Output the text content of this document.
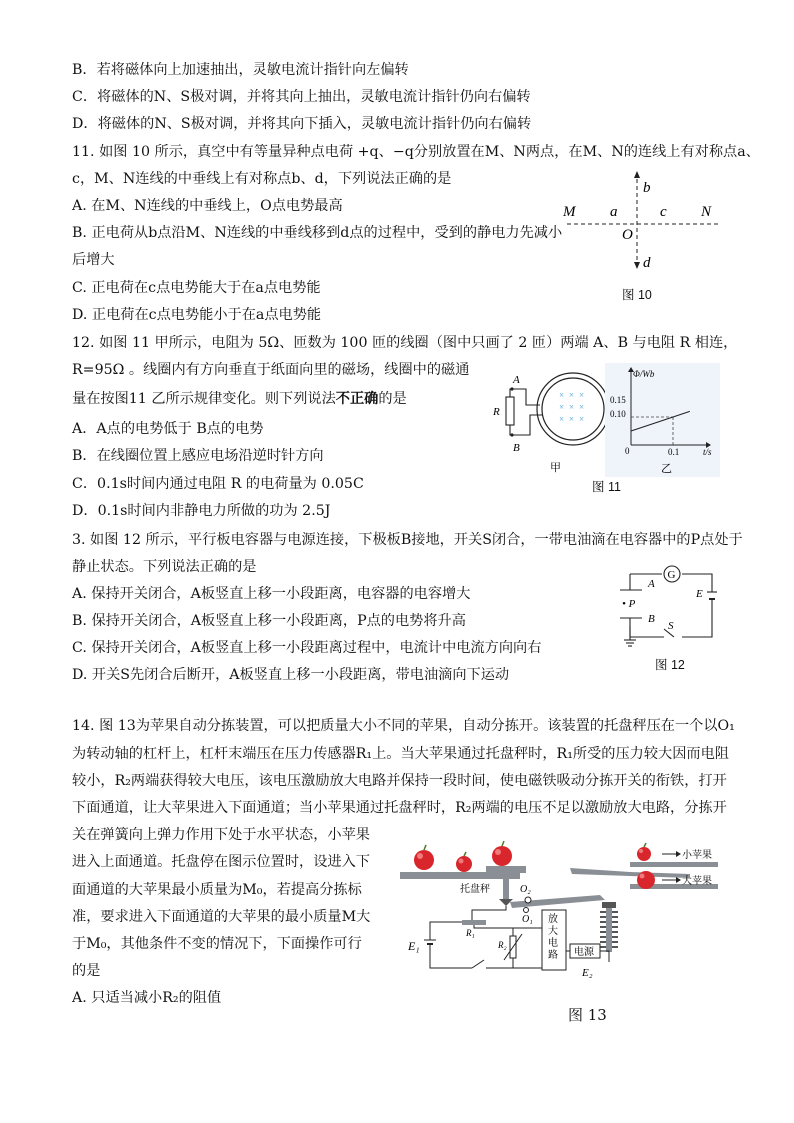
B．若将磁体向上加速抽出，灵敏电流计指针向左偏转
C．将磁体的N、S极对调，并将其向上抽出，灵敏电流计指针仍向右偏转
D．将磁体的N、S极对调，并将其向下插入，灵敏电流计指针仍向右偏转
11. 如图 10 所示，真空中有等量异种点电荷 +q、−q分别放置在M、N两点，在M、N的连线上有对称点a、
c，M、N连线的中垂线上有对称点b、d，下列说法正确的是
A. 在M、N连线的中垂线上，O点电势最高
B. 正电荷从b点沿M、N连线的中垂线移到d点的过程中，受到的静电力先减小
后增大
C. 正电荷在c点电势能大于在a点电势能
D. 正电荷在c点电势能小于在a点电势能
M a	c N
b
O
d
图 10
12. 如图 11 甲所示，电阻为 5Ω、匝数为 100 匝的线圈（图中只画了 2 匝）两端 A、B 与电阻 R 相连，
R=95Ω 。线圈内有方向垂直于纸面向里的磁场，线圈中的磁通
量在按图11 乙所示规律变化。则下列说法不正确的是
A．A点的电势低于 B点的电势
B．在线圈位置上感应电场沿逆时针方向
C．0.1s时间内通过电阻 R 的电荷量为 0.05C
D．0.1s时间内非静电力所做的功为 2.5J
× × ×
× × ×
× × ×
A
B
R
甲
Φ/Wb
t/s
0	0.1
0.10
0.15
乙
图 11
3. 如图 12 所示，平行板电容器与电源连接，下极板B接地，开关S闭合，一带电油滴在电容器中的P点处于
静止状态。下列说法正确的是
A. 保持开关闭合，A板竖直上移一小段距离，电容器的电容增大
B. 保持开关闭合，A板竖直上移一小段距离，P点的电势将升高
C. 保持开关闭合，A板竖直上移一小段距离过程中，电流计中电流方向向右
D. 开关S先闭合后断开，A板竖直上移一小段距离，带电油滴向下运动
G
A
• P
B
S
E
图 12
14. 图 13为苹果自动分拣装置，可以把质量大小不同的苹果，自动分拣开。该装置的托盘秤压在一个以O₁
为转动轴的杠杆上，杠杆末端压在压力传感器R₁上。当大苹果通过托盘秤时，R₁所受的压力较大因而电阻
较小，R₂两端获得较大电压，该电压激励放大电路并保持一段时间，使电磁铁吸动分拣开关的衔铁，打开
下面通道，让大苹果进入下面通道；当小苹果通过托盘秤时，R₂两端的电压不足以激励放大电路，分拣开
关在弹簧向上弹力作用下处于水平状态，小苹果
进入上面通道。托盘停在图示位置时，设进入下
面通道的大苹果最小质量为M₀，若提高分拣标
准，要求进入下面通道的大苹果的最小质量M大
于M₀，其他条件不变的情况下，下面操作可行
的是
A. 只适当减小R₂的阻值
托盘秤	O₂
小苹果
大苹果
放大电路 电源
E₂
O₁
R₁
E₁	R₂
图 13
